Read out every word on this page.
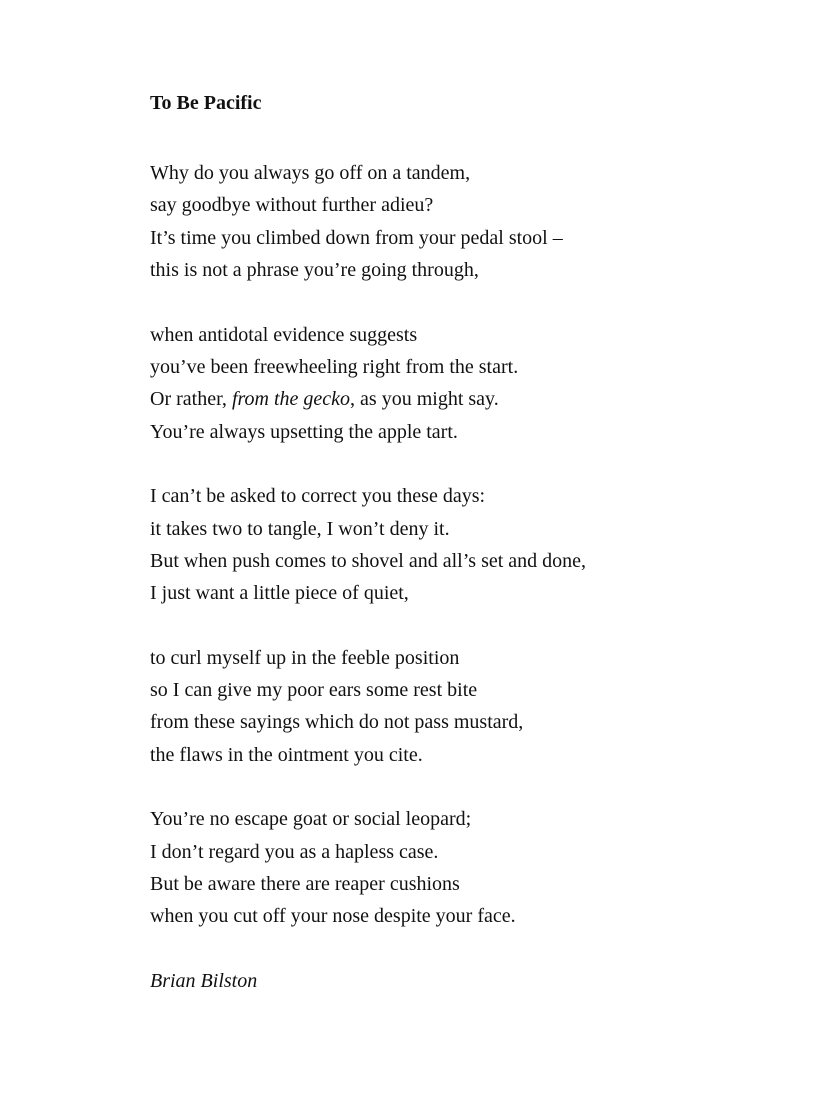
To Be Pacific
Why do you always go off on a tandem,
say goodbye without further adieu?
It’s time you climbed down from your pedal stool –
this is not a phrase you’re going through,
when antidotal evidence suggests
you’ve been freewheeling right from the start.
Or rather, from the gecko, as you might say.
You’re always upsetting the apple tart.
I can’t be asked to correct you these days:
it takes two to tangle, I won’t deny it.
But when push comes to shovel and all’s set and done,
I just want a little piece of quiet,
to curl myself up in the feeble position
so I can give my poor ears some rest bite
from these sayings which do not pass mustard,
the flaws in the ointment you cite.
You’re no escape goat or social leopard;
I don’t regard you as a hapless case.
But be aware there are reaper cushions
when you cut off your nose despite your face.
Brian Bilston
